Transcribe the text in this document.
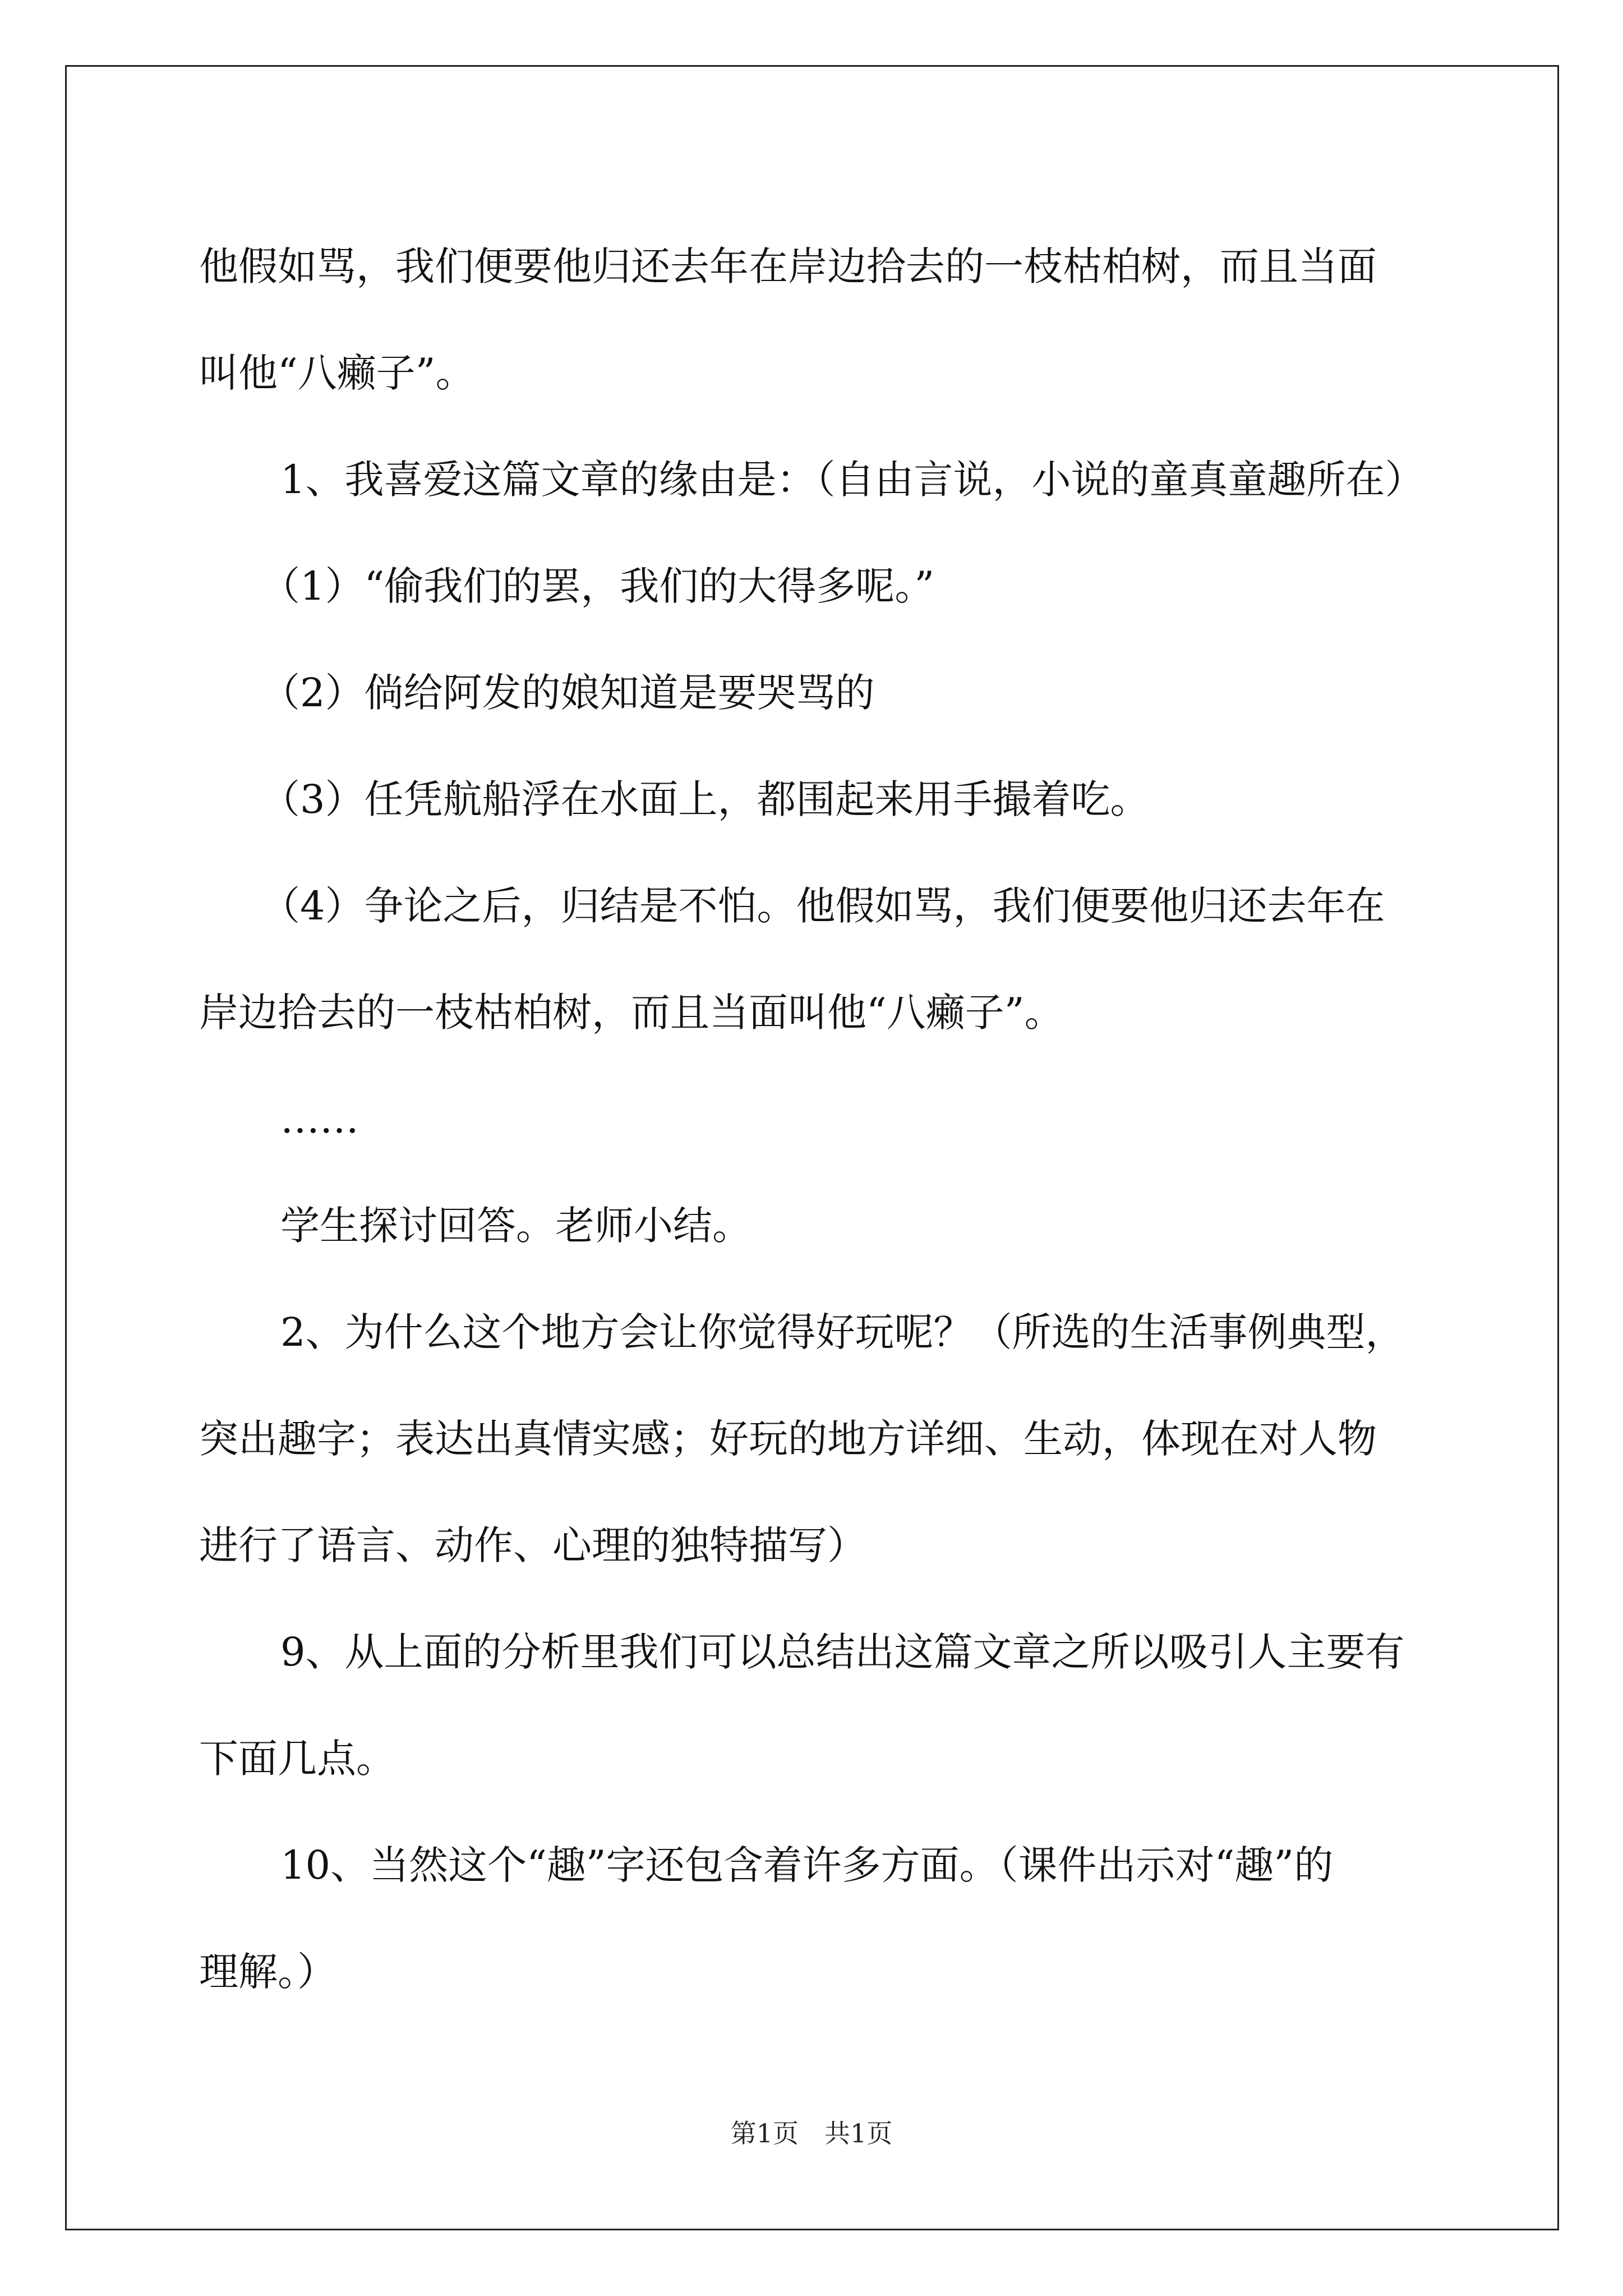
他假如骂，我们便要他归还去年在岸边拾去的一枝枯柏树，而且当面

叫他“八癞子”。

1、我喜爱这篇文章的缘由是：（自由言说，小说的童真童趣所在）

（1）“偷我们的罢，我们的大得多呢。”

（2）倘给阿发的娘知道是要哭骂的

（3）任凭航船浮在水面上，都围起来用手撮着吃。

（4）争论之后，归结是不怕。他假如骂，我们便要他归还去年在

岸边拾去的一枝枯柏树，而且当面叫他“八癞子”。

……

学生探讨回答。老师小结。

2、为什么这个地方会让你觉得好玩呢？（所选的生活事例典型，

突出趣字；表达出真情实感；好玩的地方详细、生动，体现在对人物

进行了语言、动作、心理的独特描写）

9、从上面的分析里我们可以总结出这篇文章之所以吸引人主要有

下面几点。

10、当然这个“趣”字还包含着许多方面。（课件出示对“趣”的

理解。）

第1页　共1页
